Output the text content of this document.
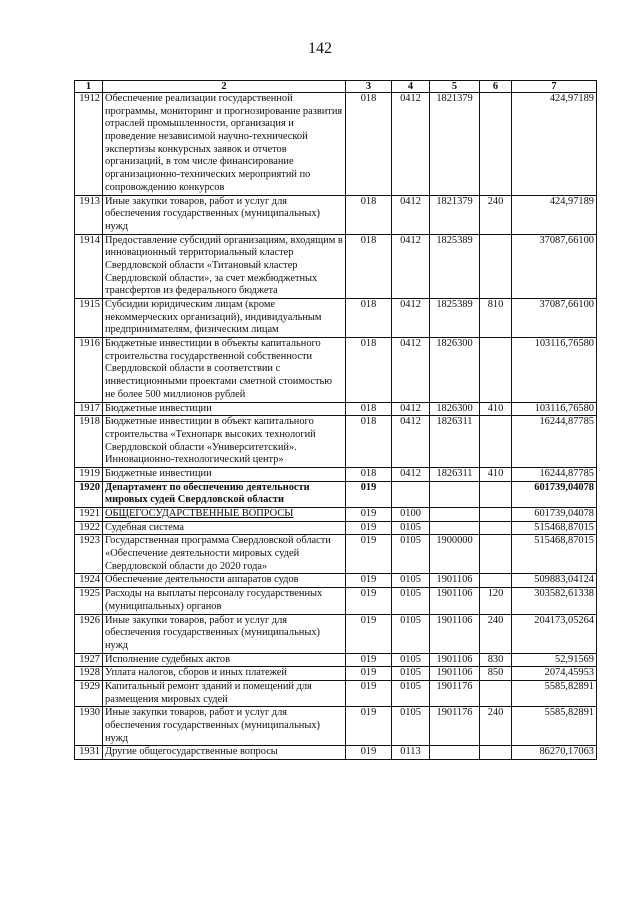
142
1	2	3	4	5	6	7
1912	Обеспечение реализации государственной программы, мониторинг и прогнозирование развития отраслей промышленности, организация и проведение независимой научно-технической экспертизы конкурсных заявок и отчетов организаций, в том числе финансирование организационно-технических мероприятий по сопровождению конкурсов	018	0412	1821379		424,97189
1913	Иные закупки товаров, работ и услуг для обеспечения государственных (муниципальных) нужд	018	0412	1821379	240	424,97189
1914	Предоставление субсидий организациям, входящим в инновационный территориальный кластер Свердловской области «Титановый кластер Свердловской области», за счет межбюджетных трансфертов из федерального бюджета	018	0412	1825389		37087,66100
1915	Субсидии юридическим лицам (кроме некоммерческих организаций), индивидуальным предпринимателям, физическим лицам	018	0412	1825389	810	37087,66100
1916	Бюджетные инвестиции в объекты капитального строительства государственной собственности Свердловской области в соответствии с инвестиционными проектами сметной стоимостью не более 500 миллионов рублей	018	0412	1826300		103116,76580
1917	Бюджетные инвестиции	018	0412	1826300	410	103116,76580
1918	Бюджетные инвестиции в объект капитального строительства «Технопарк высоких технологий Свердловской области «Университетский». Инновационно-технологический центр»	018	0412	1826311		16244,87785
1919	Бюджетные инвестиции	018	0412	1826311	410	16244,87785
1920	Департамент по обеспечению деятельности мировых судей Свердловской области	019				601739,04078
1921	ОБЩЕГОСУДАРСТВЕННЫЕ ВОПРОСЫ	019	0100			601739,04078
1922	Судебная система	019	0105			515468,87015
1923	Государственная программа Свердловской области «Обеспечение деятельности мировых судей Свердловской области до 2020 года»	019	0105	1900000		515468,87015
1924	Обеспечение деятельности аппаратов судов	019	0105	1901106		509883,04124
1925	Расходы на выплаты персоналу государственных (муниципальных) органов	019	0105	1901106	120	303582,61338
1926	Иные закупки товаров, работ и услуг для обеспечения государственных (муниципальных) нужд	019	0105	1901106	240	204173,05264
1927	Исполнение судебных актов	019	0105	1901106	830	52,91569
1928	Уплата налогов, сборов и иных платежей	019	0105	1901106	850	2074,45953
1929	Капитальный ремонт зданий и помещений для размещения мировых судей	019	0105	1901176		5585,82891
1930	Иные закупки товаров, работ и услуг для обеспечения государственных (муниципальных) нужд	019	0105	1901176	240	5585,82891
1931	Другие общегосударственные вопросы	019	0113			86270,17063
